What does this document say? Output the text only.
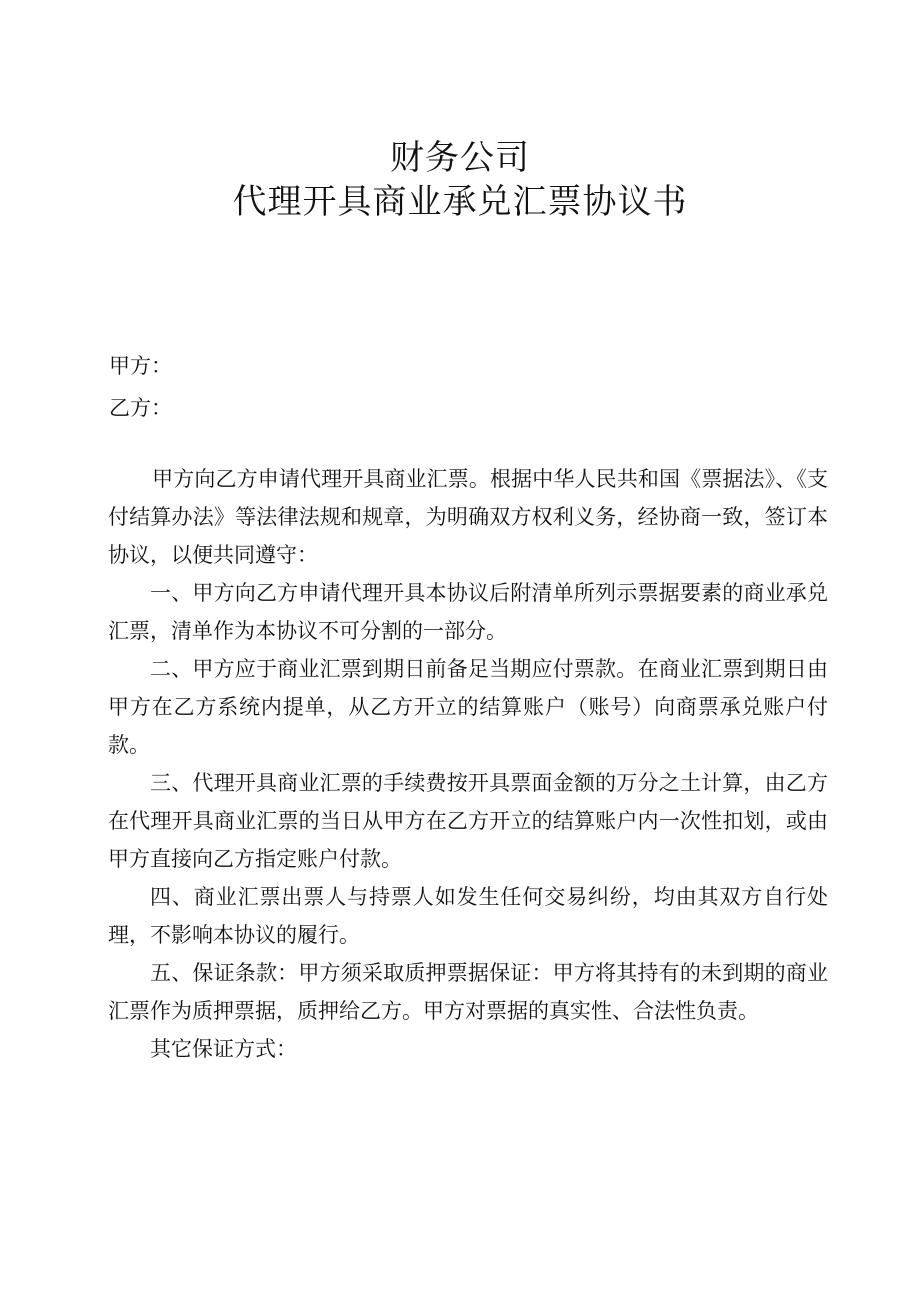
财务公司
代理开具商业承兑汇票协议书
甲方：
乙方：

甲方向乙方申请代理开具商业汇票。根据中华人民共和国《票据法》、《支付结算办法》等法律法规和规章，为明确双方权利义务，经协商一致，签订本协议，以便共同遵守：

一、甲方向乙方申请代理开具本协议后附清单所列示票据要素的商业承兑汇票，清单作为本协议不可分割的一部分。

二、甲方应于商业汇票到期日前备足当期应付票款。在商业汇票到期日由甲方在乙方系统内提单，从乙方开立的结算账户（账号）向商票承兑账户付款。

三、代理开具商业汇票的手续费按开具票面金额的万分之土计算，由乙方在代理开具商业汇票的当日从甲方在乙方开立的结算账户内一次性扣划，或由甲方直接向乙方指定账户付款。

四、商业汇票出票人与持票人如发生任何交易纠纷，均由其双方自行处理，不影响本协议的履行。

五、保证条款：甲方须采取质押票据保证：甲方将其持有的未到期的商业汇票作为质押票据，质押给乙方。甲方对票据的真实性、合法性负责。

其它保证方式：
